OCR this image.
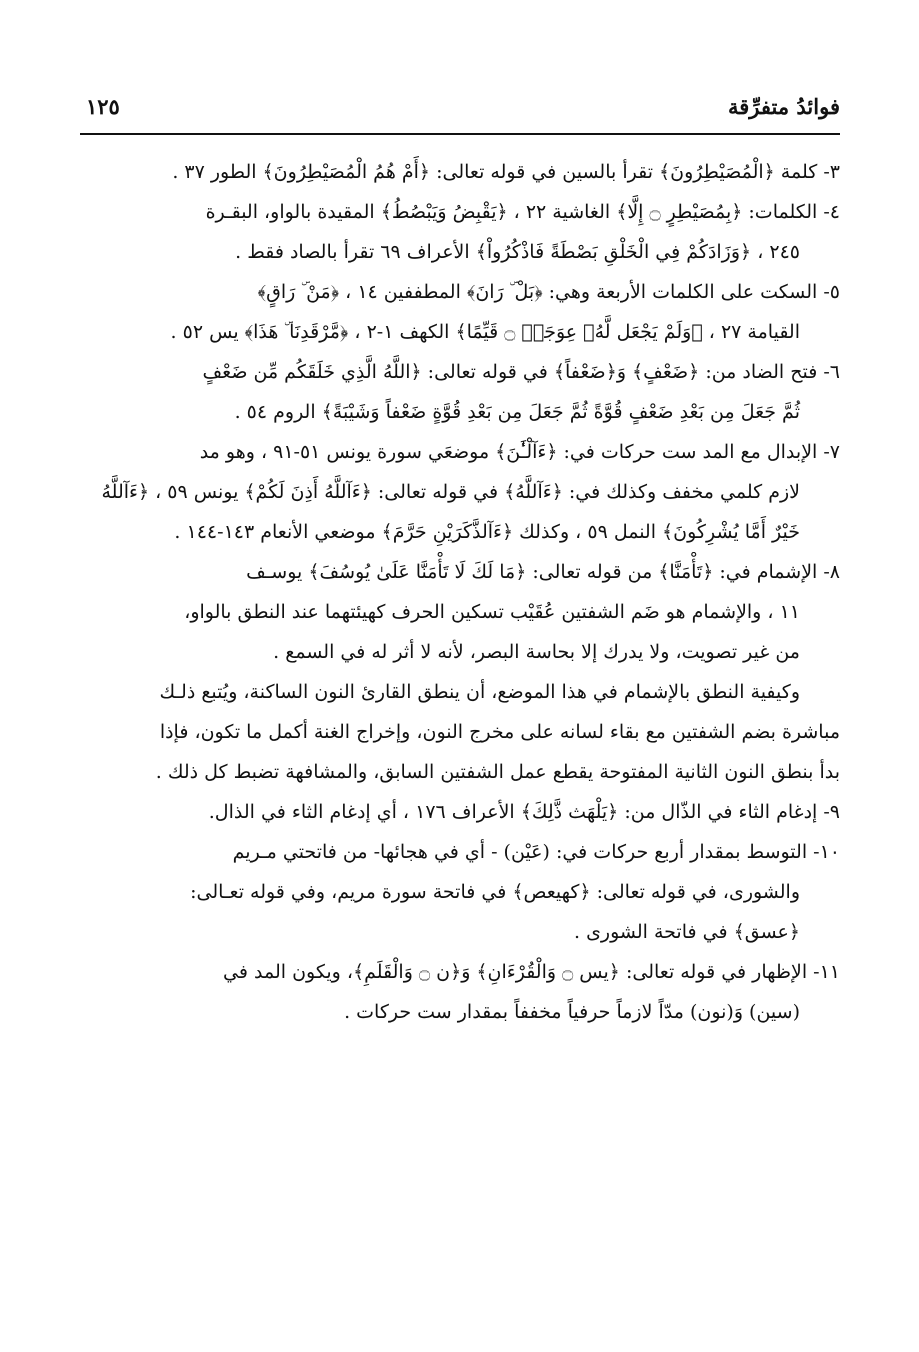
فوائدُ متفرِّقة
١٢٥
٣- كلمة ﴿الْمُصَيْطِرُونَ﴾ تقرأ بالسين في قوله تعالى: ﴿أَمْ هُمُ الْمُصَيْطِرُونَ﴾ الطور ٣٧ .
٤- الكلمات: ﴿بِمُصَيْطِرٍ ۝ إِلَّا﴾ الغاشية ٢٢ ، ﴿يَقْبِضُ وَيَبْصُطُ﴾ المقيدة بالواو، البقـرة
٢٤٥ ، ﴿وَزَادَكُمْ فِي الْخَلْقِ بَصْطَةً فَاذْكُرُواْ﴾ الأعراف ٦٩ تقرأ بالصاد فقط .
٥- السكت على الكلمات الأربعة وهي: ﴿بَلْ ۜ رَانَ﴾ المطففين ١٤ ، ﴿مَنْ ۜ رَاقٍ﴾
القيامة ٢٧ ، ﴿وَلَمْ يَجْعَل لَّهُۥ عِوَجَاۜ ۝ قَيِّمًا﴾ الكهف ١-٢ ، ﴿مَّرْقَدِنَا ۜ هَذَا﴾ يس ٥٢ .
٦- فتح الضاد من: ﴿ضَعْفٍ﴾ وَ﴿ضَعْفاً﴾ في قوله تعالى: ﴿اللَّهُ الَّذِي خَلَقَكُم مِّن ضَعْفٍ
ثُمَّ جَعَلَ مِن بَعْدِ ضَعْفٍ قُوَّةً ثُمَّ جَعَلَ مِن بَعْدِ قُوَّةٍ ضَعْفاً وَشَيْبَةً﴾ الروم ٥٤ .
٧- الإبدال مع المد ست حركات في: ﴿ءَآلْـَٰٔنَ﴾ موضعَي سورة يونس ٥١-٩١ ، وهو مد
لازم كلمي مخفف وكذلك في: ﴿ءَآللَّهُ﴾ في قوله تعالى: ﴿ءَآللَّهُ أَذِنَ لَكُمْ﴾ يونس ٥٩ ، ﴿ءَآللَّهُ
خَيْرٌ أَمَّا يُشْرِكُونَ﴾ النمل ٥٩ ، وكذلك ﴿ءَآلذَّكَرَيْنِ حَرَّمَ﴾ موضعي الأنعام ١٤٣-١٤٤ .
٨- الإشمام في: ﴿تَأْمَنَّا﴾ من قوله تعالى: ﴿مَا لَكَ لَا تَأْمَنَّا عَلَىٰ يُوسُفَ﴾ يوسـف
١١ ، والإشمام هو ضَم الشفتين عُقَيْب تسكين الحرف كهيئتهما عند النطق بالواو،
من غير تصويت، ولا يدرك إلا بحاسة البصر، لأنه لا أثر له في السمع .
وكيفية النطق بالإشمام في هذا الموضع، أن ينطق القارئ النون الساكنة، ويُتبع ذلـك
مباشرة بضم الشفتين مع بقاء لسانه على مخرج النون، وإخراج الغنة أكمل ما تكون، فإذا
بدأ بنطق النون الثانية المفتوحة يقطع عمل الشفتين السابق، والمشافهة تضبط كل ذلك .
٩- إدغام الثاء في الذّال من: ﴿يَلْهَث ذَّلِكَ﴾ الأعراف ١٧٦ ، أي إدغام الثاء في الذال.
١٠- التوسط بمقدار أربع حركات في: (عَيْن) - أي في هجائها- من فاتحتي مـريم
والشورى، في قوله تعالى: ﴿كهيعص﴾ في فاتحة سورة مريم، وفي قوله تعـالى:
﴿عسق﴾ في فاتحة الشورى .
١١- الإظهار في قوله تعالى: ﴿يس ۝ وَالْقُرْءَانِ﴾ وَ﴿ن ۝ وَالْقَلَمِ﴾، ويكون المد في
(سين) وَ(نون) مدّاً لازماً حرفياً مخففاً بمقدار ست حركات .
